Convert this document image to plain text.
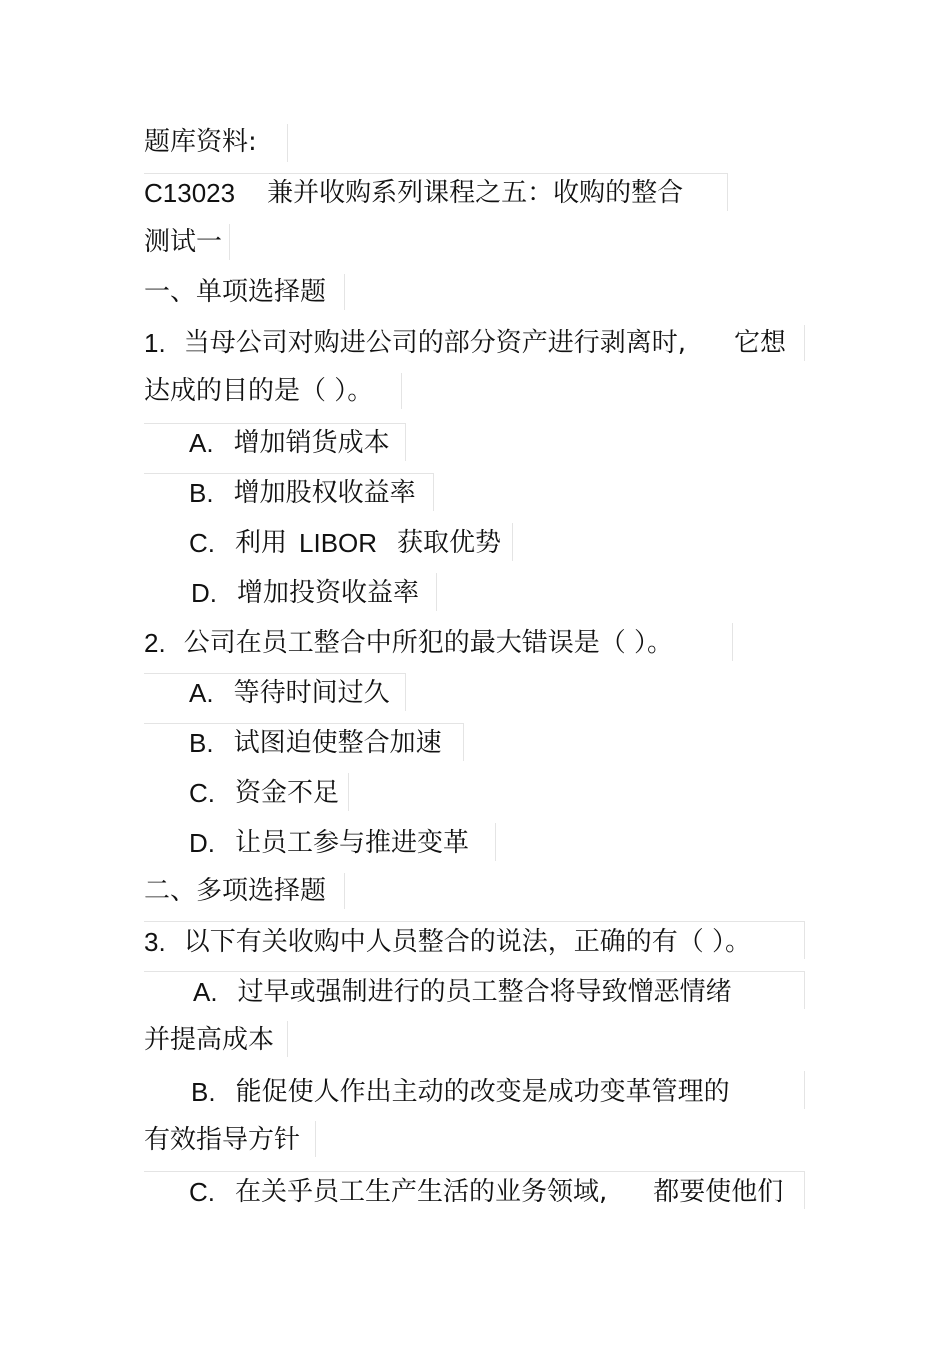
题库资料:
C13023 兼并收购系列课程之五：收购的整合
测试一
一、单项选择题
1. 当母公司对购进公司的部分资产进行剥离时, 它想
达成的目的是（ ）。
A. 增加销货成本
B. 增加股权收益率
C. 利用 LIBOR 获取优势
D. 增加投资收益率
2. 公司在员工整合中所犯的最大错误是（ ）。
A. 等待时间过久
B. 试图迫使整合加速
C. 资金不足
D. 让员工参与推进变革
二、多项选择题
3. 以下有关收购中人员整合的说法，正确的有（ ）。
A. 过早或强制进行的员工整合将导致憎恶情绪
并提高成本
B. 能促使人作出主动的改变是成功变革管理的
有效指导方针
C. 在关乎员工生产生活的业务领域, 都要使他们
